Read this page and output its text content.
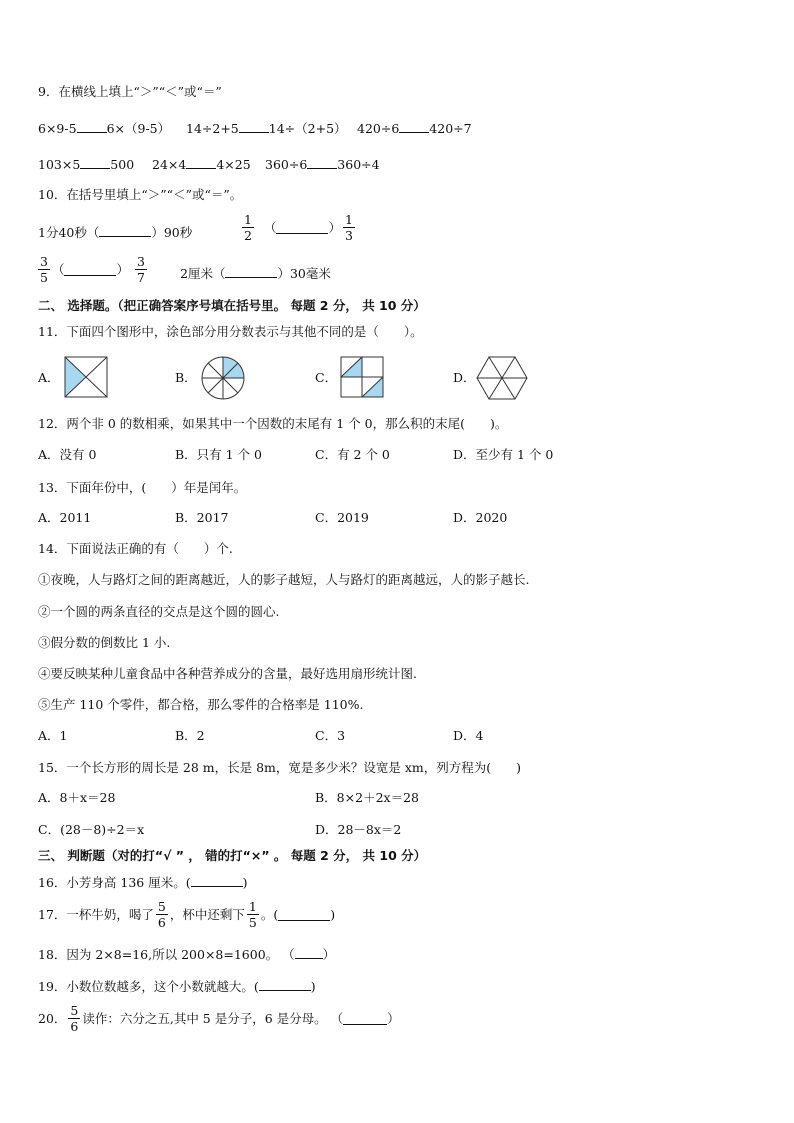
9．在横线上填上“＞”“＜”或“＝”
6×9-5 6×（9-5） 14÷2+5 14÷（2+5） 420÷6 420÷7
103×5 500 24×4 4×25 360÷6 360÷4
10．在括号里填上“＞”“＜”或“＝”。
1分40秒（	）90秒	$\frac{1}{2}$ （	） $\frac{1}{3}$
$\frac{3}{5}$ （	） $\frac{3}{7}$	2厘米（	）30毫米
二、 选择题。（把正确答案序号填在括号里。 每题 2 分， 共 10 分）
11．下面四个图形中，涂色部分用分数表示与其他不同的是（　　）。
A．	B．	C．	D．
12．两个非 0 的数相乘，如果其中一个因数的末尾有 1 个 0，那么积的末尾(　　)。
A．没有 0	B．只有 1 个 0	C．有 2 个 0	D．至少有 1 个 0
13．下面年份中，(　　）年是闰年。
A．2011	B．2017	C．2019	D．2020
14．下面说法正确的有（　　）个.
①夜晚，人与路灯之间的距离越近，人的影子越短，人与路灯的距离越远，人的影子越长.
②一个圆的两条直径的交点是这个圆的圆心.
③假分数的倒数比 1 小.
④要反映某种儿童食品中各种营养成分的含量，最好选用扇形统计图.
⑤生产 110 个零件，都合格，那么零件的合格率是 110%.
A．1	B．2	C．3	D．4
15．一个长方形的周长是 28 m，长是 8m，宽是多少米？设宽是 xm，列方程为(　　)
A．8＋x＝28	B．8×2＋2x＝28
C．(28－8)÷2＝x	D．28－8x＝2
三、 判断题（对的打“√ ” ， 错的打“×” 。 每题 2 分， 共 10 分）
16．小芳身高 136 厘米。(	)
17．一杯牛奶，喝了 $\frac{5}{6}$ ，杯中还剩下 $\frac{1}{5}$ 。(	)
18．因为 2×8=16,所以 200×8=1600。 （ ）
19．小数位数越多，这个小数就越大。(	)
20． $\frac{5}{6}$ 读作：六分之五,其中 5 是分子，6 是分母。 （	）
